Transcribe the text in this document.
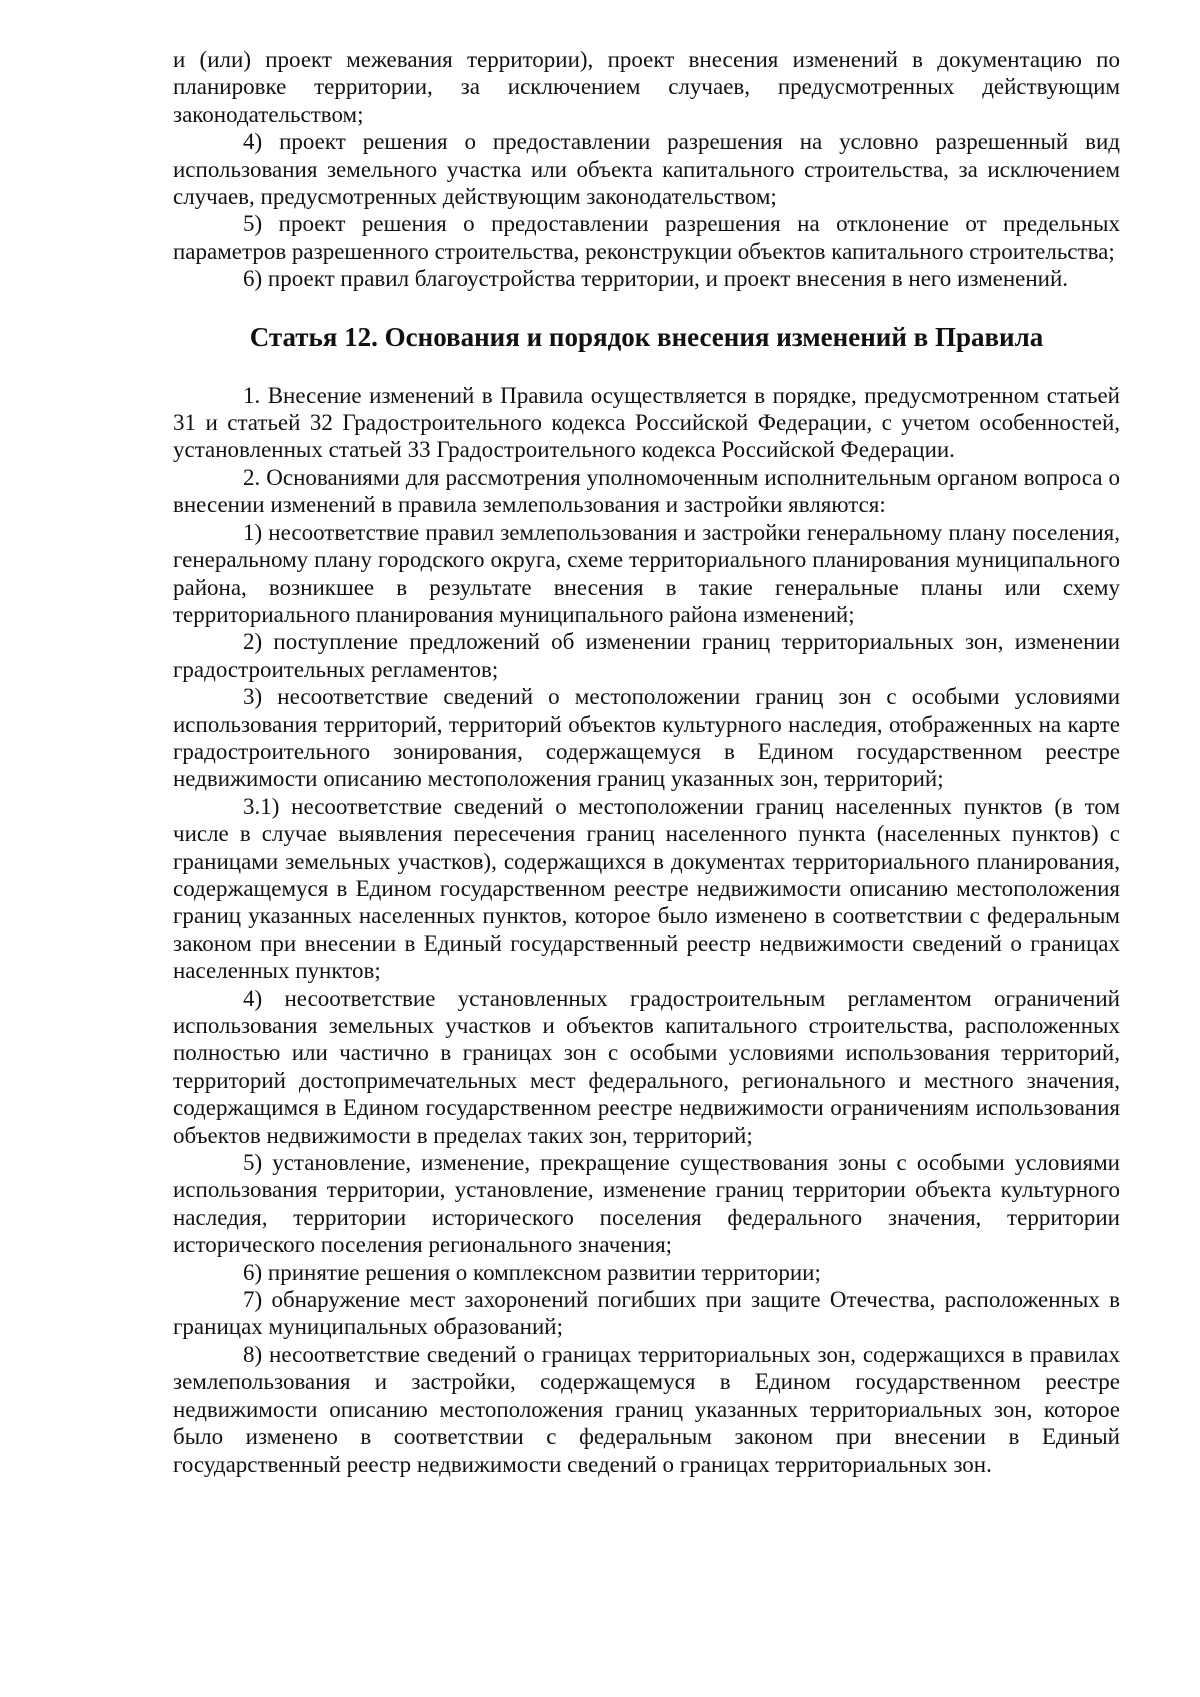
и (или) проект межевания территории), проект внесения изменений в документацию по планировке территории, за исключением случаев, предусмотренных действующим законодательством;

4) проект решения о предоставлении разрешения на условно разрешенный вид использования земельного участка или объекта капитального строительства, за исключением случаев, предусмотренных действующим законодательством;

5) проект решения о предоставлении разрешения на отклонение от предельных параметров разрешенного строительства, реконструкции объектов капитального строительства;

6) проект правил благоустройства территории, и проект внесения в него изменений.

Статья 12. Основания и порядок внесения изменений в Правила

1. Внесение изменений в Правила осуществляется в порядке, предусмотренном статьей 31 и статьей 32 Градостроительного кодекса Российской Федерации, с учетом особенностей, установленных статьей 33 Градостроительного кодекса Российской Федерации.

2. Основаниями для рассмотрения уполномоченным исполнительным органом вопроса о внесении изменений в правила землепользования и застройки являются:

1) несоответствие правил землепользования и застройки генеральному плану поселения, генеральному плану городского округа, схеме территориального планирования муниципального района, возникшее в результате внесения в такие генеральные планы или схему территориального планирования муниципального района изменений;

2) поступление предложений об изменении границ территориальных зон, изменении градостроительных регламентов;

3) несоответствие сведений о местоположении границ зон с особыми условиями использования территорий, территорий объектов культурного наследия, отображенных на карте градостроительного зонирования, содержащемуся в Едином государственном реестре недвижимости описанию местоположения границ указанных зон, территорий;

3.1) несоответствие сведений о местоположении границ населенных пунктов (в том числе в случае выявления пересечения границ населенного пункта (населенных пунктов) с границами земельных участков), содержащихся в документах территориального планирования, содержащемуся в Едином государственном реестре недвижимости описанию местоположения границ указанных населенных пунктов, которое было изменено в соответствии с федеральным законом при внесении в Единый государственный реестр недвижимости сведений о границах населенных пунктов;

4) несоответствие установленных градостроительным регламентом ограничений использования земельных участков и объектов капитального строительства, расположенных полностью или частично в границах зон с особыми условиями использования территорий, территорий достопримечательных мест федерального, регионального и местного значения, содержащимся в Едином государственном реестре недвижимости ограничениям использования объектов недвижимости в пределах таких зон, территорий;

5) установление, изменение, прекращение существования зоны с особыми условиями использования территории, установление, изменение границ территории объекта культурного наследия, территории исторического поселения федерального значения, территории исторического поселения регионального значения;

6) принятие решения о комплексном развитии территории;

7) обнаружение мест захоронений погибших при защите Отечества, расположенных в границах муниципальных образований;

8) несоответствие сведений о границах территориальных зон, содержащихся в правилах землепользования и застройки, содержащемуся в Едином государственном реестре недвижимости описанию местоположения границ указанных территориальных зон, которое было изменено в соответствии с федеральным законом при внесении в Единый государственный реестр недвижимости сведений о границах территориальных зон.
